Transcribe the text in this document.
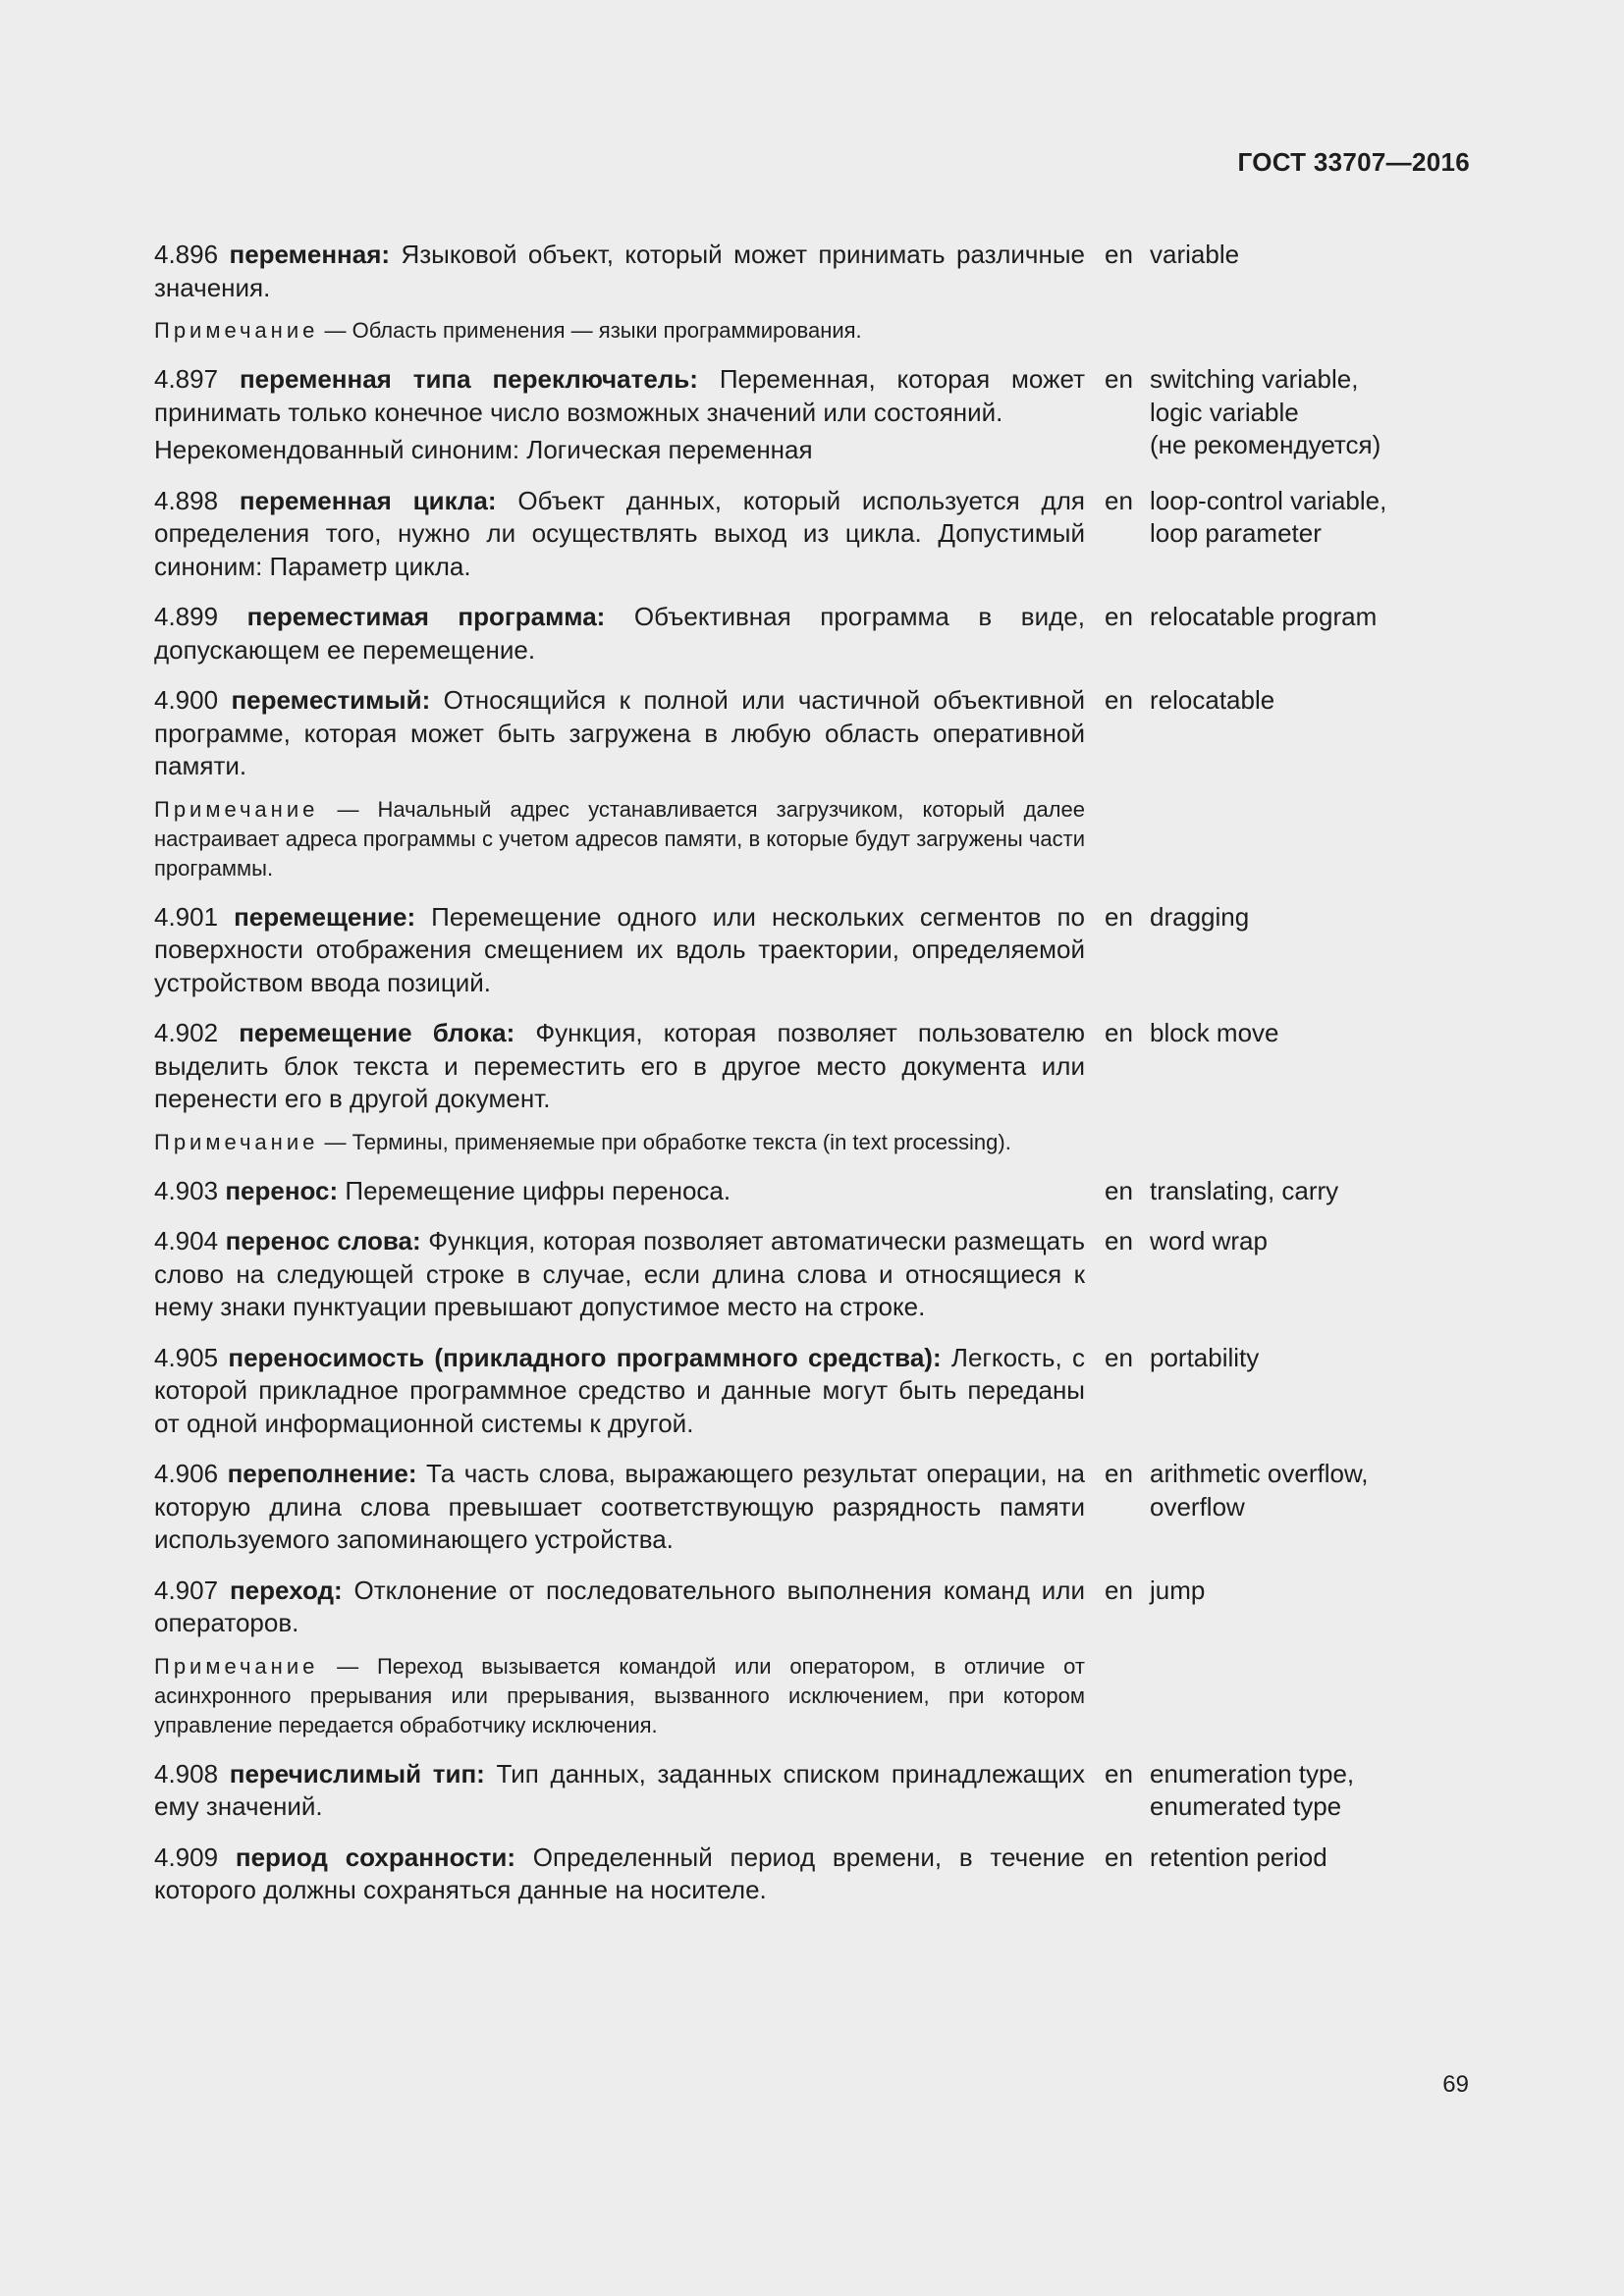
ГОСТ 33707—2016

4.896 переменная: Языковой объект, который может принимать различные значения.

Примечание — Область применения — языки программирования.
en variable

4.897 переменная типа переключатель: Переменная, которая может принимать только конечное число возможных значений или состояний.

Нерекомендованный синоним: Логическая переменная

en switching variable,
logic variable
(не рекомендуется)

4.898 переменная цикла: Объект данных, который используется для определения того, нужно ли осуществлять выход из цикла. Допустимый синоним: Параметр цикла.

en loop-control variable,
loop parameter

4.899 переместимая программа: Объективная программа в виде, допускающем ее перемещение.

en relocatable program

4.900 переместимый: Относящийся к полной или частичной объективной программе, которая может быть загружена в любую область оперативной памяти.

Примечание — Начальный адрес устанавливается загрузчиком, который далее настраивает адреса программы с учетом адресов памяти, в которые будут загружены части программы.
en relocatable

4.901 перемещение: Перемещение одного или нескольких сегментов по поверхности отображения смещением их вдоль траектории, определяемой устройством ввода позиций.

en dragging

4.902 перемещение блока: Функция, которая позволяет пользователю выделить блок текста и переместить его в другое место документа или перенести его в другой документ.

Примечание — Термины, применяемые при обработке текста (in text processing).
en block move

4.903 перенос: Перемещение цифры переноса.	en translating, carry

4.904 перенос слова: Функция, которая позволяет автоматически размещать слово на следующей строке в случае, если длина слова и относящиеся к нему знаки пунктуации превышают допустимое место на строке.

en word wrap

4.905 переносимость (прикладного программного средства): Легкость, с которой прикладное программное средство и данные могут быть переданы от одной информационной системы к другой.

en portability

4.906 переполнение: Та часть слова, выражающего результат операции, на которую длина слова превышает соответствующую разрядность памяти используемого запоминающего устройства.

en arithmetic overflow,
overflow

4.907 переход: Отклонение от последовательного выполнения команд или операторов.

Примечание — Переход вызывается командой или оператором, в отличие от асинхронного прерывания или прерывания, вызванного исключением, при котором управление передается обработчику исключения.
en jump

4.908 перечислимый тип: Тип данных, заданных списком принадлежащих ему значений.

en enumeration type,
enumerated type

4.909 период сохранности: Определенный период времени, в течение которого должны сохраняться данные на носителе.

en retention period
69
